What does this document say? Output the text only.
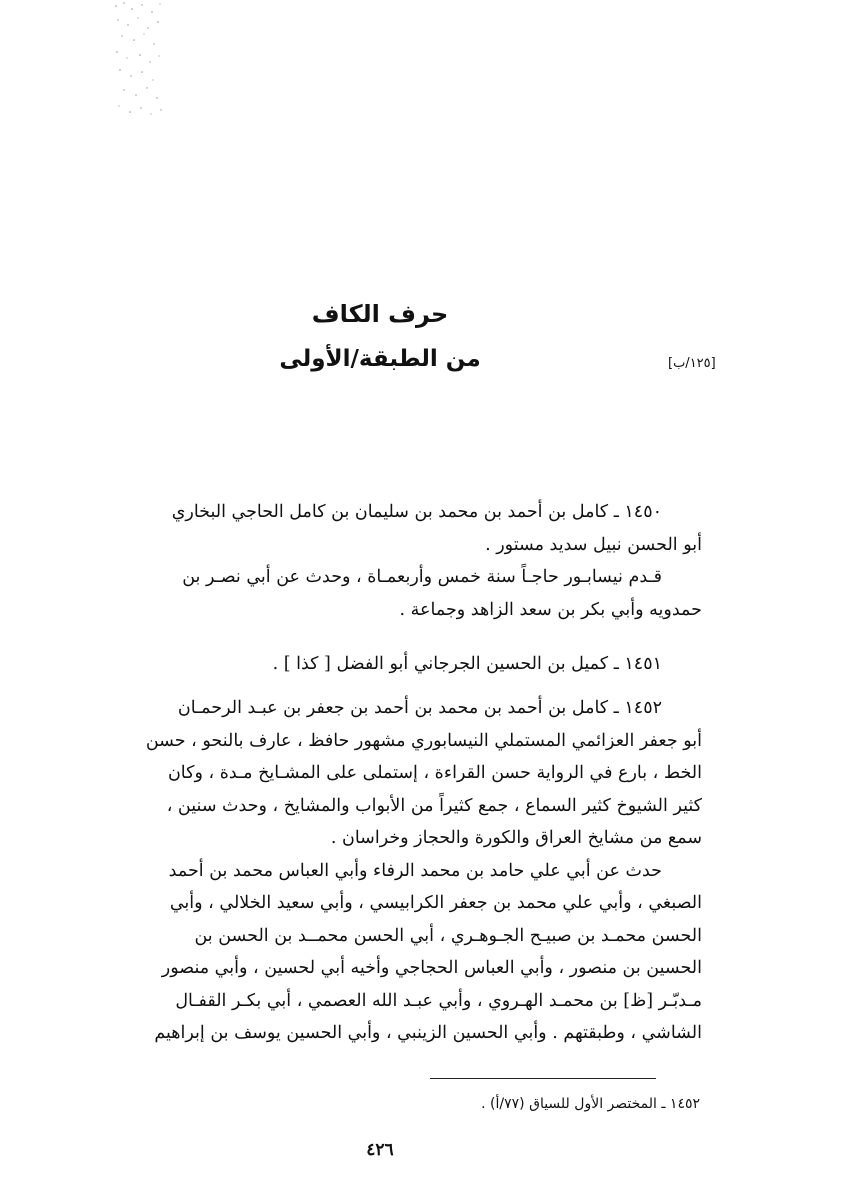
حرف الكاف
من الطبقة/الأولى	[١٢٥/ب]

١٤٥٠ ـ كامل بن أحمد بن محمد بن سليمان بن كامل الحاجي البخاري

أبو الحسن نبيل سديد مستور .

قـدم نيسابـور حاجـاً سنة خمس وأربعمـاة ، وحدث عن أبي نصـر بن

حمدويه وأبي بكر بن سعد الزاهد وجماعة .

١٤٥١ ـ كميل بن الحسين الجرجاني أبو الفضل [ كذا ] .

١٤٥٢ ـ كامل بن أحمد بن محمد بن أحمد بن جعفر بن عبـد الرحمـان

أبو جعفر العزائمي المستملي النيسابوري مشهور حافظ ، عارف بالنحو ، حسن

الخط ، بارع في الرواية حسن القراءة ، إستملى على المشـايخ مـدة ، وكان

كثير الشيوخ كثير السماع ، جمع كثيراً من الأبواب والمشايخ ، وحدث سنين ،

سمع من مشايخ العراق والكورة والحجاز وخراسان .

حدث عن أبي علي حامد بن محمد الرفاء وأبي العباس محمد بن أحمد

الصبغي ، وأبي علي محمد بن جعفر الكرابيسي ، وأبي سعيد الخلالي ، وأبي

الحسن محمـد بن صبيـح الجـوهـري ، أبي الحسن محمــد بن الحسن بن

الحسين بن منصور ، وأبي العباس الحجاجي وأخيه أبي لحسين ، وأبي منصور

مـدبّـر [ظ] بن محمـد الهـروي ، وأبي عبـد الله العصمي ، أبي بكـر القفـال

الشاشي ، وطبقتهم . وأبي الحسين الزينبي ، وأبي الحسين يوسف بن إبراهيم

١٤٥٢ ـ المختصر الأول للسياق (٧٧/أ) .
٤٢٦
